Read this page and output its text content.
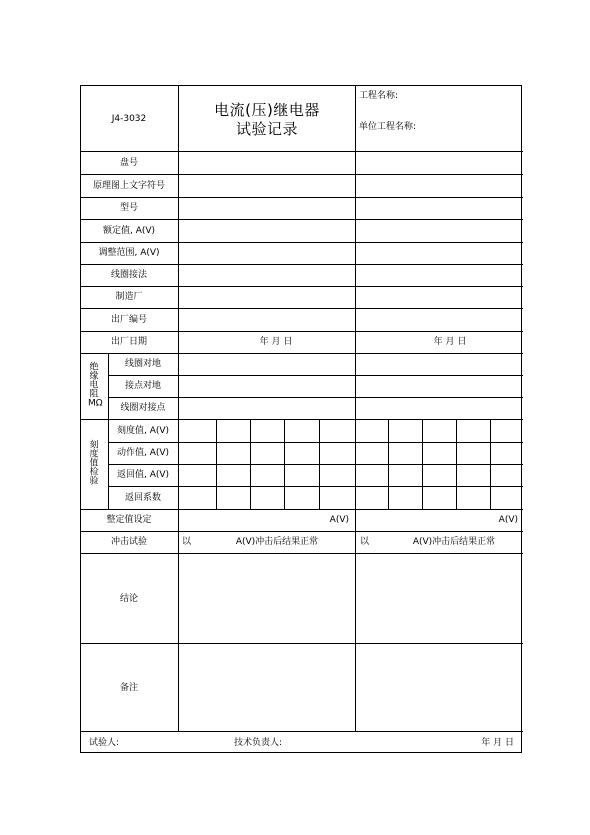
J4-3032	电流(压)继电器
试验记录
工程名称:
单位工程名称:
盘号
原理图上文字符号
型号
额定值, A(V)
调整范围, A(V)
线圈接法
制造厂
出厂编号
出厂日期	年 月 日	年 月 日
绝缘电阻MΩ
线圈对地
接点对地
线圈对接点
刻度值检验
刻度值, A(V)
动作值, A(V)
返回值, A(V)
返回系数
整定值设定	A(V)	A(V)
冲击试验	以	A(V)冲击后结果正常	以	A(V)冲击后结果正常
结论
备注
试验人:	技术负责人:	年 月 日
